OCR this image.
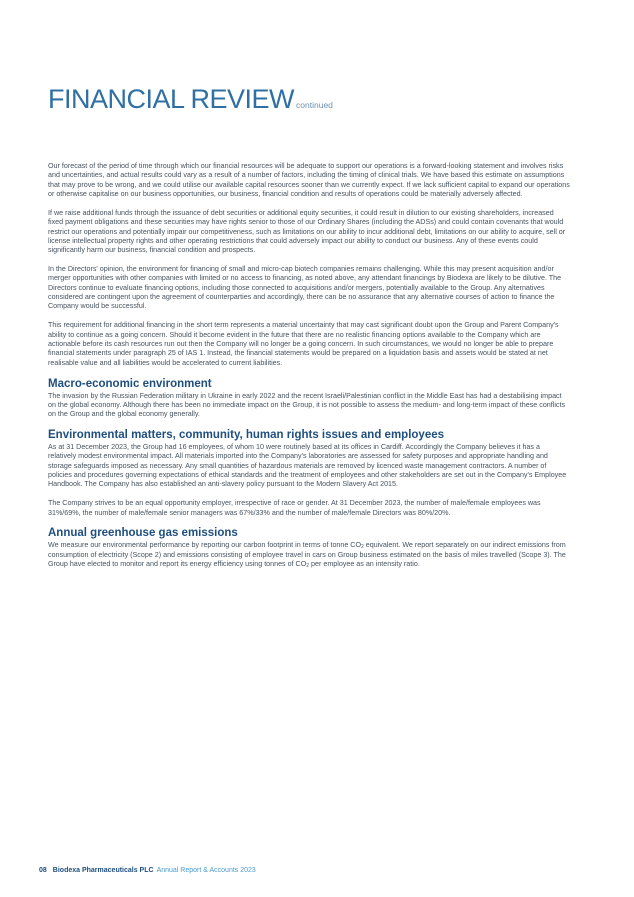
FINANCIAL REVIEW continued

Our forecast of the period of time through which our financial resources will be adequate to support our operations is a forward-looking statement and involves risks and uncertainties, and actual results could vary as a result of a number of factors, including the timing of clinical trials. We have based this estimate on assumptions that may prove to be wrong, and we could utilise our available capital resources sooner than we currently expect. If we lack sufficient capital to expand our operations or otherwise capitalise on our business opportunities, our business, financial condition and results of operations could be materially adversely affected.

If we raise additional funds through the issuance of debt securities or additional equity securities, it could result in dilution to our existing shareholders, increased fixed payment obligations and these securities may have rights senior to those of our Ordinary Shares (including the ADSs) and could contain covenants that would restrict our operations and potentially impair our competitiveness, such as limitations on our ability to incur additional debt, limitations on our ability to acquire, sell or license intellectual property rights and other operating restrictions that could adversely impact our ability to conduct our business. Any of these events could significantly harm our business, financial condition and prospects.

In the Directors' opinion, the environment for financing of small and micro-cap biotech companies remains challenging. While this may present acquisition and/or merger opportunities with other companies with limited or no access to financing, as noted above, any attendant financings by Biodexa are likely to be dilutive. The Directors continue to evaluate financing options, including those connected to acquisitions and/or mergers, potentially available to the Group. Any alternatives considered are contingent upon the agreement of counterparties and accordingly, there can be no assurance that any alternative courses of action to finance the Company would be successful.

This requirement for additional financing in the short term represents a material uncertainty that may cast significant doubt upon the Group and Parent Company's ability to continue as a going concern. Should it become evident in the future that there are no realistic financing options available to the Company which are actionable before its cash resources run out then the Company will no longer be a going concern. In such circumstances, we would no longer be able to prepare financial statements under paragraph 25 of IAS 1. Instead, the financial statements would be prepared on a liquidation basis and assets would be stated at net realisable value and all liabilities would be accelerated to current liabilities.

Macro-economic environment

The invasion by the Russian Federation military in Ukraine in early 2022 and the recent Israeli/Palestinian conflict in the Middle East has had a destabilising impact on the global economy. Although there has been no immediate impact on the Group, it is not possible to assess the medium- and long-term impact of these conflicts on the Group and the global economy generally.

Environmental matters, community, human rights issues and employees

As at 31 December 2023, the Group had 16 employees, of whom 10 were routinely based at its offices in Cardiff. Accordingly the Company believes it has a relatively modest environmental impact. All materials imported into the Company's laboratories are assessed for safety purposes and appropriate handling and storage safeguards imposed as necessary. Any small quantities of hazardous materials are removed by licenced waste management contractors. A number of policies and procedures governing expectations of ethical standards and the treatment of employees and other stakeholders are set out in the Company's Employee Handbook. The Company has also established an anti-slavery policy pursuant to the Modern Slavery Act 2015.

The Company strives to be an equal opportunity employer, irrespective of race or gender. At 31 December 2023, the number of male/female employees was 31%/69%, the number of male/female senior managers was 67%/33% and the number of male/female Directors was 80%/20%.

Annual greenhouse gas emissions

We measure our environmental performance by reporting our carbon footprint in terms of tonne $CO_2$ equivalent. We report separately on our indirect emissions from consumption of electricity (Scope 2) and emissions consisting of employee travel in cars on Group business estimated on the basis of miles travelled (Scope 3). The Group have elected to monitor and report its energy efficiency using tonnes of $CO_2$ per employee as an intensity ratio.

08 Biodexa Pharmaceuticals PLC Annual Report & Accounts 2023
